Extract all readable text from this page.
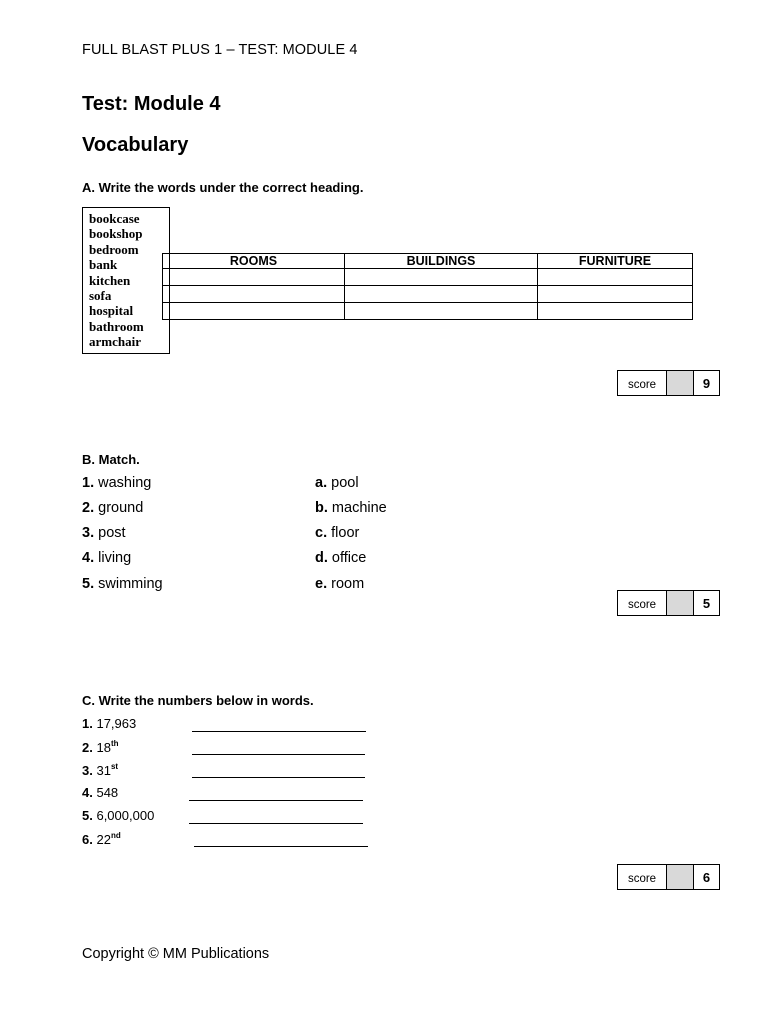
FULL BLAST PLUS 1 – TEST: MODULE 4
Test: Module 4
Vocabulary
A. Write the words under the correct heading.
bookcase
bookshop
bedroom
bank
kitchen
sofa
hospital
bathroom
armchair
ROOMS	BUILDINGS	FURNITURE

score	9
B. Match.
1. washing
2. ground
3. post
4. living
5. swimming
a. pool
b. machine
c. floor
d. office
e. room
score	5
C. Write the numbers below in words.
1. 17,963
2. 18th
3. 31st
4. 548
5. 6,000,000
6. 22nd
score	6
Copyright © MM Publications
